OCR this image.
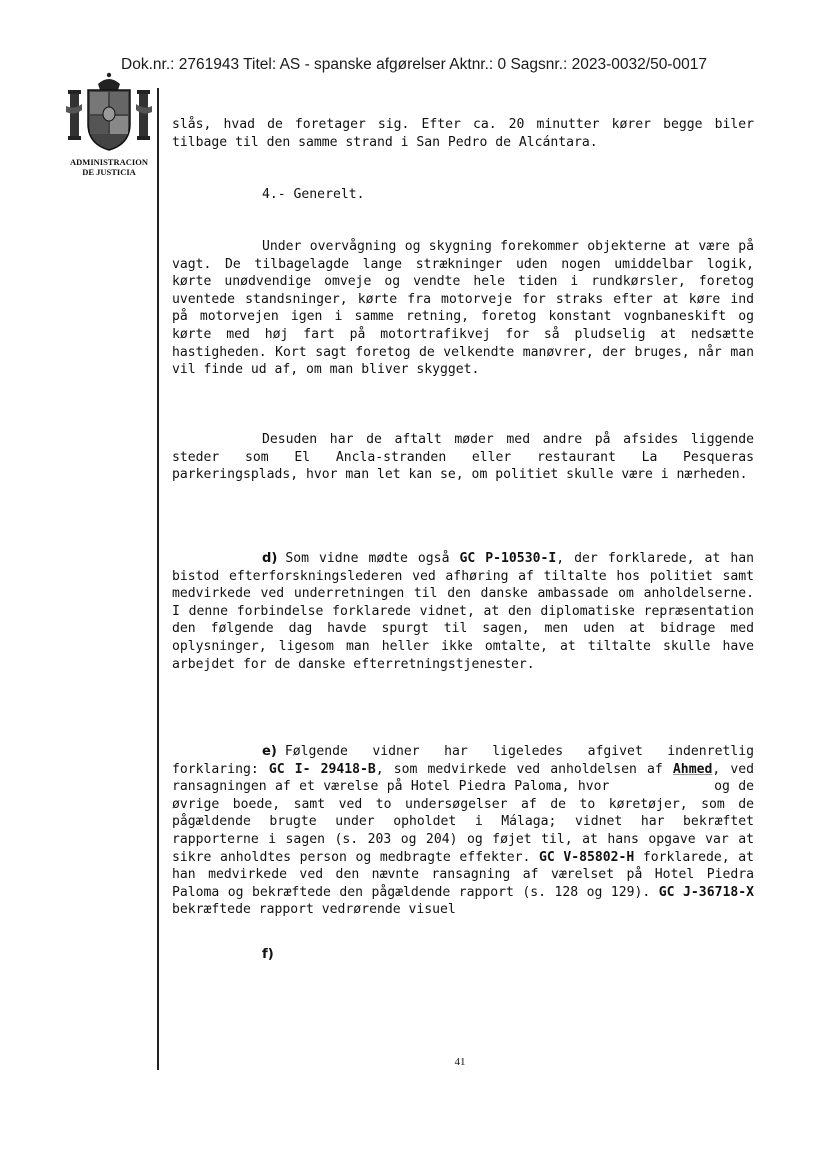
Dok.nr.: 2761943 Titel: AS - spanske afgørelser Aktnr.: 0 Sagsnr.: 2023-0032/50-0017
ADMINISTRACION
DE JUSTICIA

slås, hvad de foretager sig. Efter ca. 20 minutter kører begge biler tilbage til den samme strand i San Pedro de Alcántara.

4.- Generelt.

Under overvågning og skygning forekommer objekterne at være på vagt. De tilbagelagde lange strækninger uden nogen umiddelbar logik, kørte unødvendige omveje og vendte hele tiden i rundkørsler, foretog uventede standsninger, kørte fra motorveje for straks efter at køre ind på motorvejen igen i samme retning, foretog konstant vognbaneskift og kørte med høj fart på motortrafikvej for så pludselig at nedsætte hastigheden. Kort sagt foretog de velkendte manøvrer, der bruges, når man vil finde ud af, om man bliver skygget.

Desuden har de aftalt møder med andre på afsides liggende steder som El Ancla-stranden eller restaurant La Pesqueras parkeringsplads, hvor man let kan se, om politiet skulle være i nærheden.

d) Som vidne mødte også GC P-10530-I, der forklarede, at han bistod efterforskningslederen ved afhøring af tiltalte hos politiet samt medvirkede ved underretningen til den danske ambassade om anholdelserne. I denne forbindelse forklarede vidnet, at den diplomatiske repræsentation den følgende dag havde spurgt til sagen, men uden at bidrage med oplysninger, ligesom man heller ikke omtalte, at tiltalte skulle have arbejdet for de danske efterretningstjenester.

e) Følgende vidner har ligeledes afgivet indenretlig forklaring: GC I- 29418-B, som medvirkede ved anholdelsen af Ahmed, ved ransagningen af et værelse på Hotel Piedra Paloma, hvor	og de øvrige boede, samt ved to undersøgelser af de to køretøjer, som de pågældende brugte under opholdet i Málaga; vidnet har bekræftet rapporterne i sagen (s. 203 og 204) og føjet til, at hans opgave var at sikre anholdtes person og medbragte effekter. GC V-85802-H forklarede, at han medvirkede ved den nævnte ransagning af værelset på Hotel Piedra Paloma og bekræftede den pågældende rapport (s. 128 og 129). GC J-36718-X bekræftede rapport vedrørende visuel

f)
41
